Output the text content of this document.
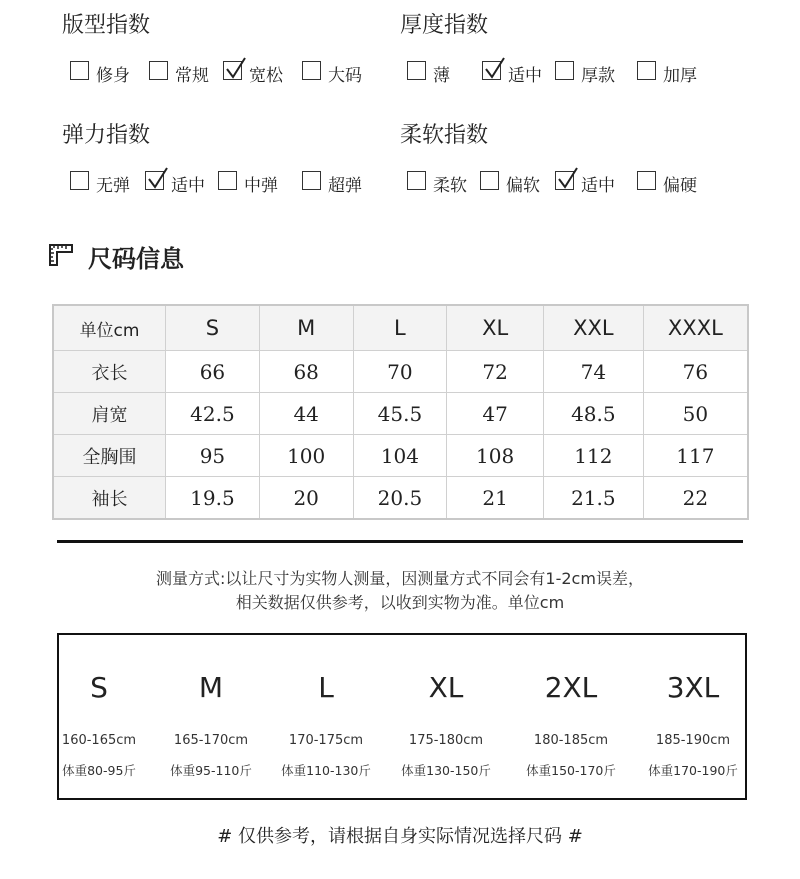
版型指数
修身	常规 宽松	大码
厚度指数
薄	适中 厚款	加厚
弹力指数
无弹 适中 中弹	超弹
柔软指数
柔软 偏软 适中	偏硬
尺码信息
单位cm	S	M	L	XL	XXL	XXXL
衣长	66	68	70	72	74	76
肩宽	42.5	44	45.5	47	48.5	50
全胸围	95	100	104	108	112	117
袖长	19.5	20	20.5	21	21.5	22
测量方式:以让尺寸为实物人测量，因测量方式不同会有1-2cm误差，
相关数据仅供参考，以收到实物为准。单位cm
S
160-165cm
体重80-95斤
M
165-170cm
体重95-110斤
L
170-175cm
体重110-130斤
XL
175-180cm
体重130-150斤
2XL
180-185cm
体重150-170斤
3XL
185-190cm
体重170-190斤
# 仅供参考，请根据自身实际情况选择尺码 #
